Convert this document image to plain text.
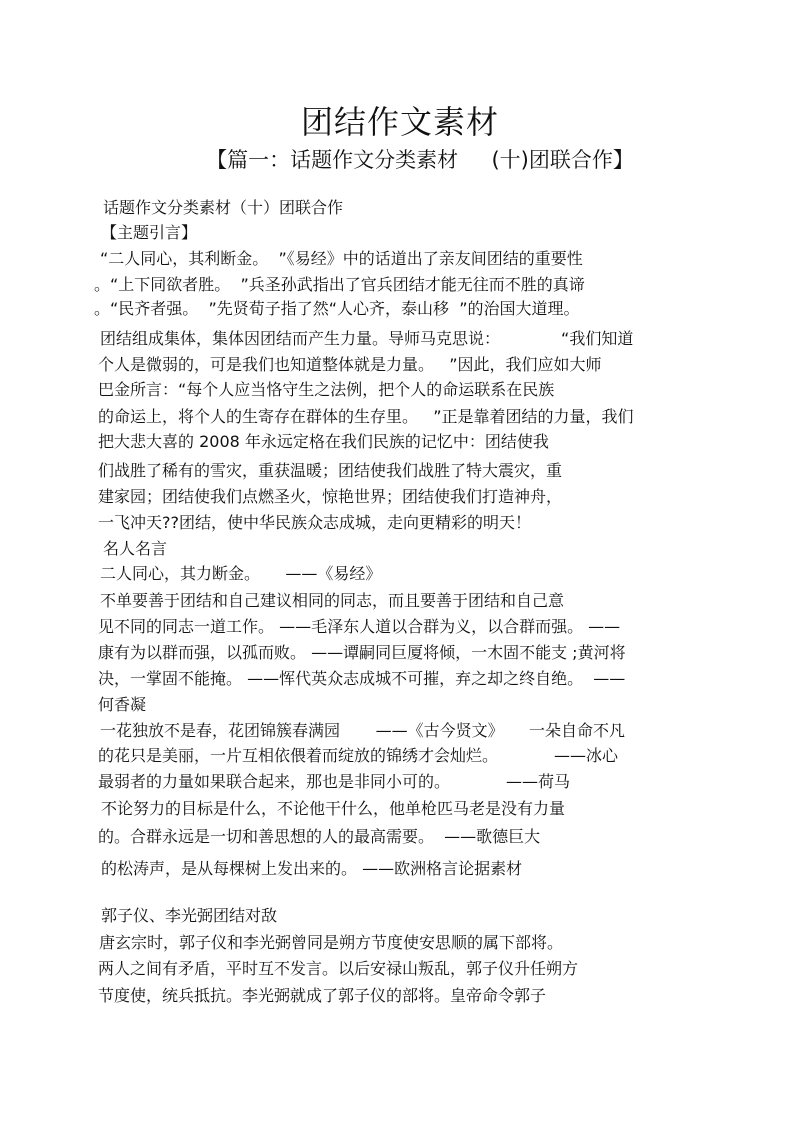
团结作文素材
【篇一：话题作文分类素材     (十)团联合作】
话题作文分类素材（十）团联合作
【主题引言】
“二人同心，其利断金。  ”《易经》中的话道出了亲友间团结的重要性
。“上下同欲者胜。  ”兵圣孙武指出了官兵团结才能无往而不胜的真谛
。“民齐者强。  ”先贤荀子指了然“人心齐，泰山移  ”的治国大道理。
团结组成集体，集体因团结而产生力量。导师马克思说：            “我们知道
个人是微弱的，可是我们也知道整体就是力量。   ”因此，我们应如大师
巴金所言：“每个人应当恪守生之法例，把个人的命运联系在民族
的命运上，将个人的生寄存在群体的生存里。   ”正是靠着团结的力量，我们
把大悲大喜的 2008 年永远定格在我们民族的记忆中：团结使我
们战胜了稀有的雪灾，重获温暖；团结使我们战胜了特大震灾，重
建家园；团结使我们点燃圣火，惊艳世界；团结使我们打造神舟，
一飞冲天??团结，使中华民族众志成城，走向更精彩的明天！
名人名言
二人同心，其力断金。     ——《易经》
不单要善于团结和自己建议相同的同志，而且要善于团结和自己意
见不同的同志一道工作。 ——毛泽东人道以合群为义，以合群而强。 ——
康有为以群而强，以孤而败。 ——谭嗣同巨厦将倾，一木固不能支 ;黄河将
决，一掌固不能掩。 ——恽代英众志成城不可摧，弃之却之终自绝。  ——
何香凝
一花独放不是春，花团锦簇春满园       ——《古今贤文》     一朵自命不凡
的花只是美丽，一片互相依偎着而绽放的锦绣才会灿烂。           ——冰心
最弱者的力量如果联合起来，那也是非同小可的。           ——荷马
不论努力的目标是什么，不论他干什么，他单枪匹马老是没有力量
的。合群永远是一切和善思想的人的最高需要。  ——歌德巨大
的松涛声，是从每棵树上发出来的。 ——欧洲格言论据素材
郭子仪、李光弼团结对敌
唐玄宗时，郭子仪和李光弼曾同是朔方节度使安思顺的属下部将。
两人之间有矛盾，平时互不发言。以后安禄山叛乱，郭子仪升任朔方
节度使，统兵抵抗。李光弼就成了郭子仪的部将。皇帝命令郭子
